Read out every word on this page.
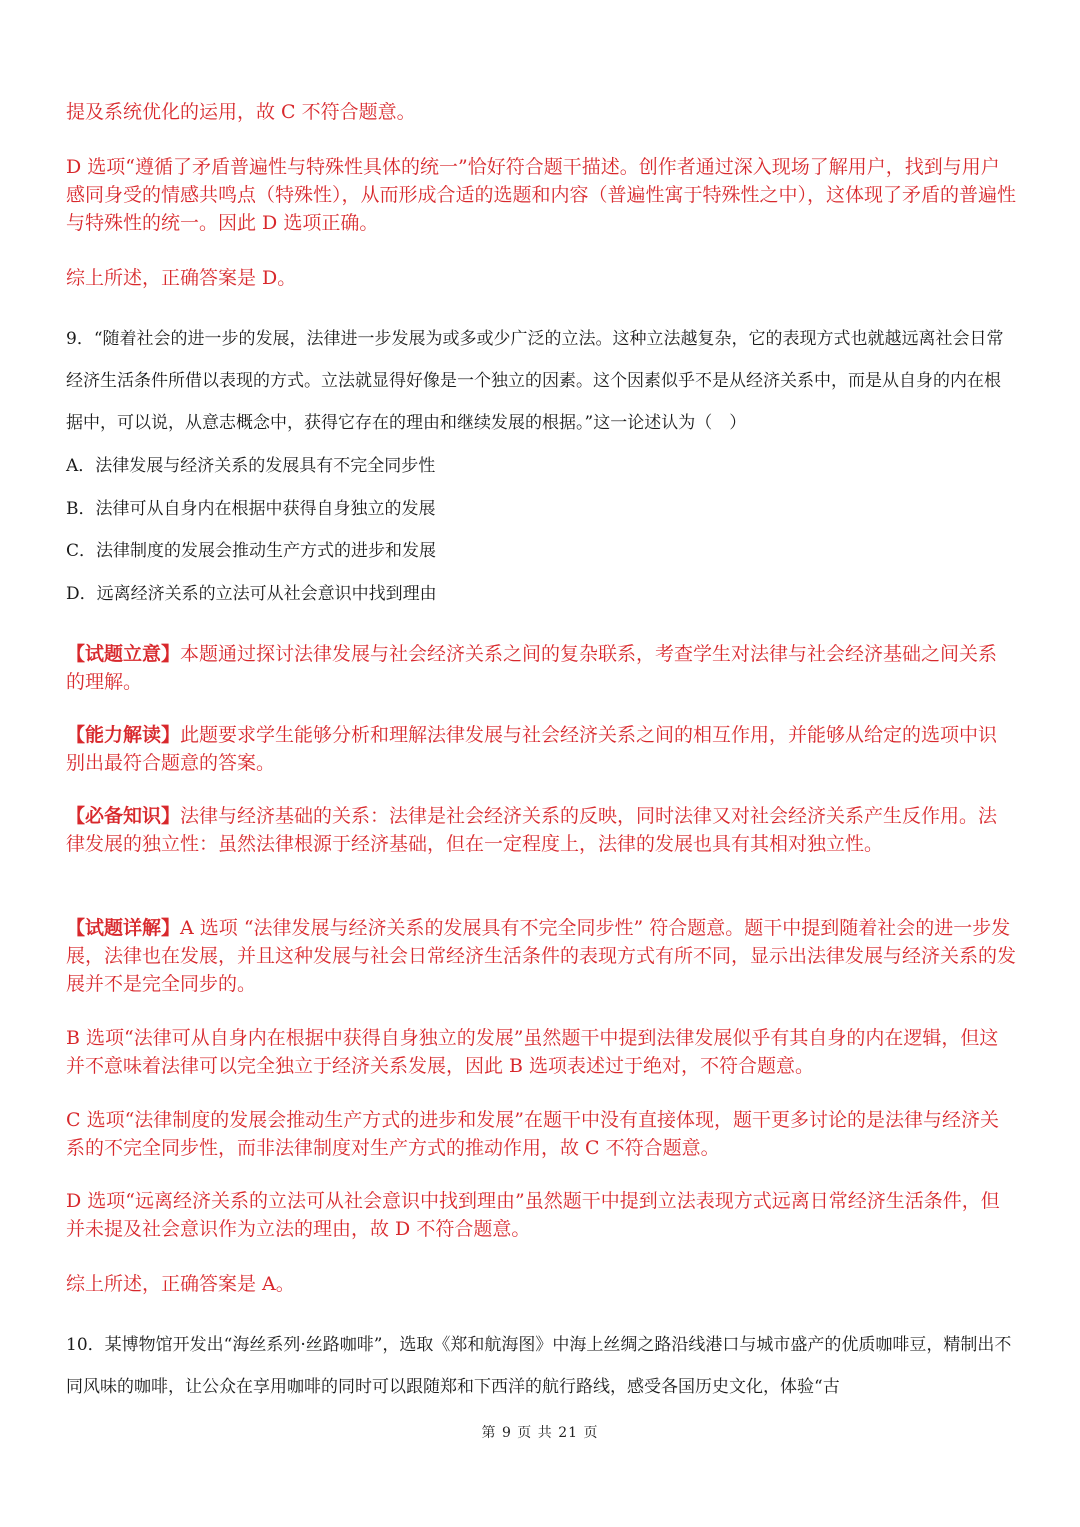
提及系统优化的运用，故 C 不符合题意。

D 选项“遵循了矛盾普遍性与特殊性具体的统一”恰好符合题干描述。创作者通过深入现场了解用户，找到与用户感同身受的情感共鸣点（特殊性），从而形成合适的选题和内容（普遍性寓于特殊性之中），这体现了矛盾的普遍性与特殊性的统一。因此 D 选项正确。

综上所述，正确答案是 D。

9．“随着社会的进一步的发展，法律进一步发展为或多或少广泛的立法。这种立法越复杂，它的表现方式也就越远离社会日常经济生活条件所借以表现的方式。立法就显得好像是一个独立的因素。这个因素似乎不是从经济关系中，而是从自身的内在根据中，可以说，从意志概念中，获得它存在的理由和继续发展的根据。”这一论述认为（　）

A．法律发展与经济关系的发展具有不完全同步性

B．法律可从自身内在根据中获得自身独立的发展

C．法律制度的发展会推动生产方式的进步和发展

D．远离经济关系的立法可从社会意识中找到理由

【试题立意】本题通过探讨法律发展与社会经济关系之间的复杂联系，考查学生对法律与社会经济基础之间关系的理解。

【能力解读】此题要求学生能够分析和理解法律发展与社会经济关系之间的相互作用，并能够从给定的选项中识别出最符合题意的答案。

【必备知识】法律与经济基础的关系：法律是社会经济关系的反映，同时法律又对社会经济关系产生反作用。法律发展的独立性：虽然法律根源于经济基础，但在一定程度上，法律的发展也具有其相对独立性。

【试题详解】A 选项 “法律发展与经济关系的发展具有不完全同步性” 符合题意。题干中提到随着社会的进一步发展，法律也在发展，并且这种发展与社会日常经济生活条件的表现方式有所不同，显示出法律发展与经济关系的发展并不是完全同步的。

B 选项“法律可从自身内在根据中获得自身独立的发展”虽然题干中提到法律发展似乎有其自身的内在逻辑，但这并不意味着法律可以完全独立于经济关系发展，因此 B 选项表述过于绝对，不符合题意。

C 选项“法律制度的发展会推动生产方式的进步和发展”在题干中没有直接体现，题干更多讨论的是法律与经济关系的不完全同步性，而非法律制度对生产方式的推动作用，故 C 不符合题意。

D 选项“远离经济关系的立法可从社会意识中找到理由”虽然题干中提到立法表现方式远离日常经济生活条件，但并未提及社会意识作为立法的理由，故 D 不符合题意。

综上所述，正确答案是 A。

10．某博物馆开发出“海丝系列·丝路咖啡”，选取《郑和航海图》中海上丝绸之路沿线港口与城市盛产的优质咖啡豆，精制出不同风味的咖啡，让公众在享用咖啡的同时可以跟随郑和下西洋的航行路线，感受各国历史文化，体验“古

第 9 页 共 21 页
